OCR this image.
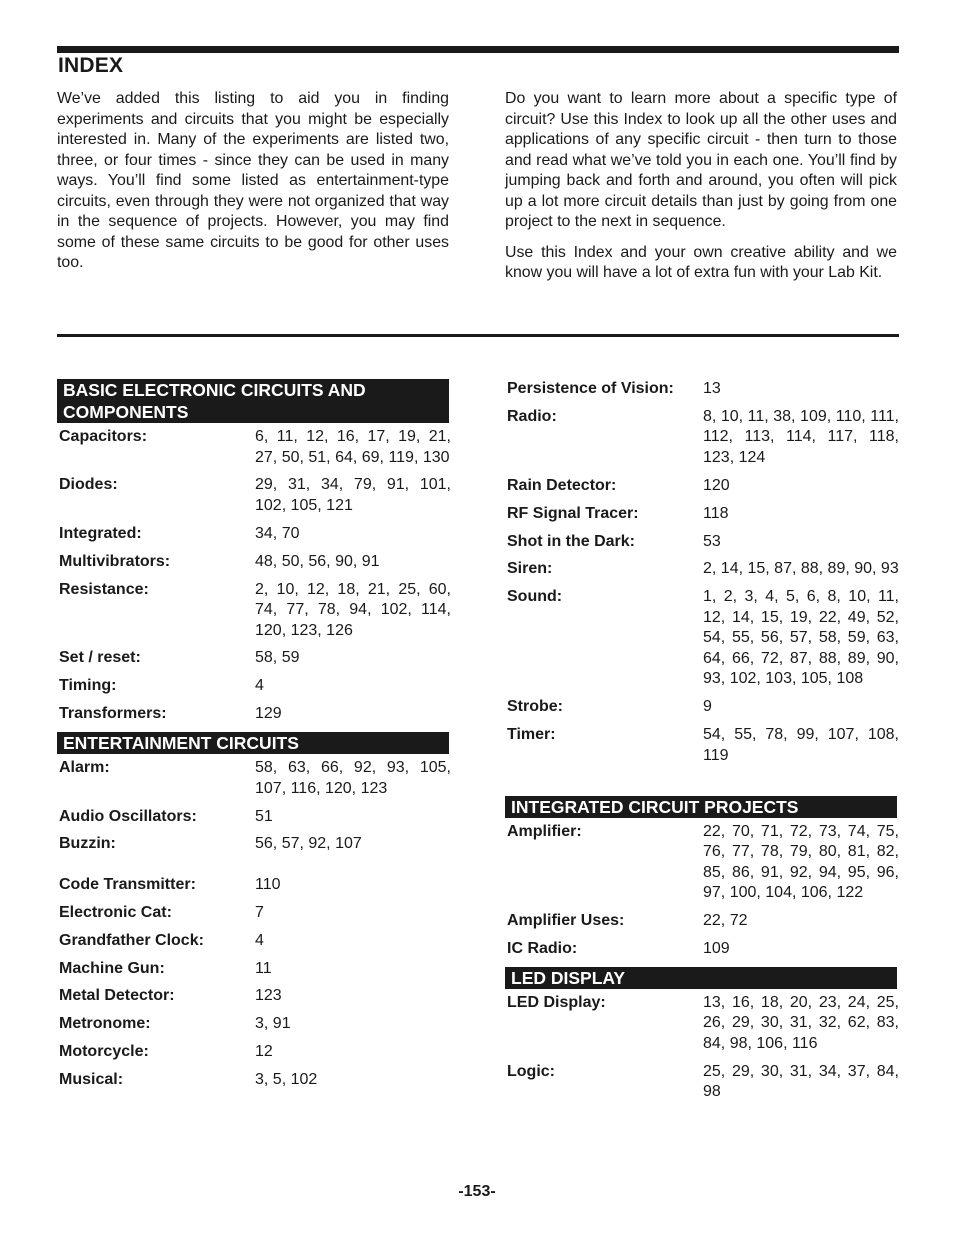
INDEX

We’ve added this listing to aid you in finding experiments and circuits that you might be especially interested in. Many of the experiments are listed two, three, or four times - since they can be used in many ways. You’ll find some listed as entertainment-type circuits, even through they were not organized that way in the sequence of projects. However, you may find some of these same circuits to be good for other uses too.

Do you want to learn more about a specific type of circuit? Use this Index to look up all the other uses and applications of any specific circuit - then turn to those and read what we’ve told you in each one. You’ll find by jumping back and forth and around, you often will pick up a lot more circuit details than just by going from one project to the next in sequence.

Use this Index and your own creative ability and we know you will have a lot of extra fun with your Lab Kit.

BASIC ELECTRONIC CIRCUITS AND COMPONENTS
Capacitors:	6, 11, 12, 16, 17, 19, 21, 27, 50, 51, 64, 69, 119, 130
Diodes:	29, 31, 34, 79, 91, 101, 102, 105, 121
Integrated:	34, 70
Multivibrators:	48, 50, 56, 90, 91
Resistance:	2, 10, 12, 18, 21, 25, 60, 74, 77, 78, 94, 102, 114, 120, 123, 126
Set / reset:	58, 59
Timing:	4
Transformers:	129
ENTERTAINMENT CIRCUITS
Alarm:	58, 63, 66, 92, 93, 105, 107, 116, 120, 123
Audio Oscillators:	51
Buzzin:	56, 57, 92, 107
Code Transmitter:	110
Electronic Cat:	7
Grandfather Clock:	4
Machine Gun:	11
Metal Detector:	123
Metronome:	3, 91
Motorcycle:	12
Musical:	3, 5, 102
Persistence of Vision:	13
Radio:	8, 10, 11, 38, 109, 110, 111, 112, 113, 114, 117, 118, 123, 124
Rain Detector:	120
RF Signal Tracer:	118
Shot in the Dark:	53
Siren:	2, 14, 15, 87, 88, 89, 90, 93
Sound:	1, 2, 3, 4, 5, 6, 8, 10, 11, 12, 14, 15, 19, 22, 49, 52, 54, 55, 56, 57, 58, 59, 63, 64, 66, 72, 87, 88, 89, 90, 93, 102, 103, 105, 108
Strobe:	9
Timer:	54, 55, 78, 99, 107, 108, 119
INTEGRATED CIRCUIT PROJECTS
Amplifier:	22, 70, 71, 72, 73, 74, 75, 76, 77, 78, 79, 80, 81, 82, 85, 86, 91, 92, 94, 95, 96, 97, 100, 104, 106, 122
Amplifier Uses:	22, 72
IC Radio:	109
LED DISPLAY
LED Display:	13, 16, 18, 20, 23, 24, 25, 26, 29, 30, 31, 32, 62, 83, 84, 98, 106, 116
Logic:	25, 29, 30, 31, 34, 37, 84, 98
-153-
